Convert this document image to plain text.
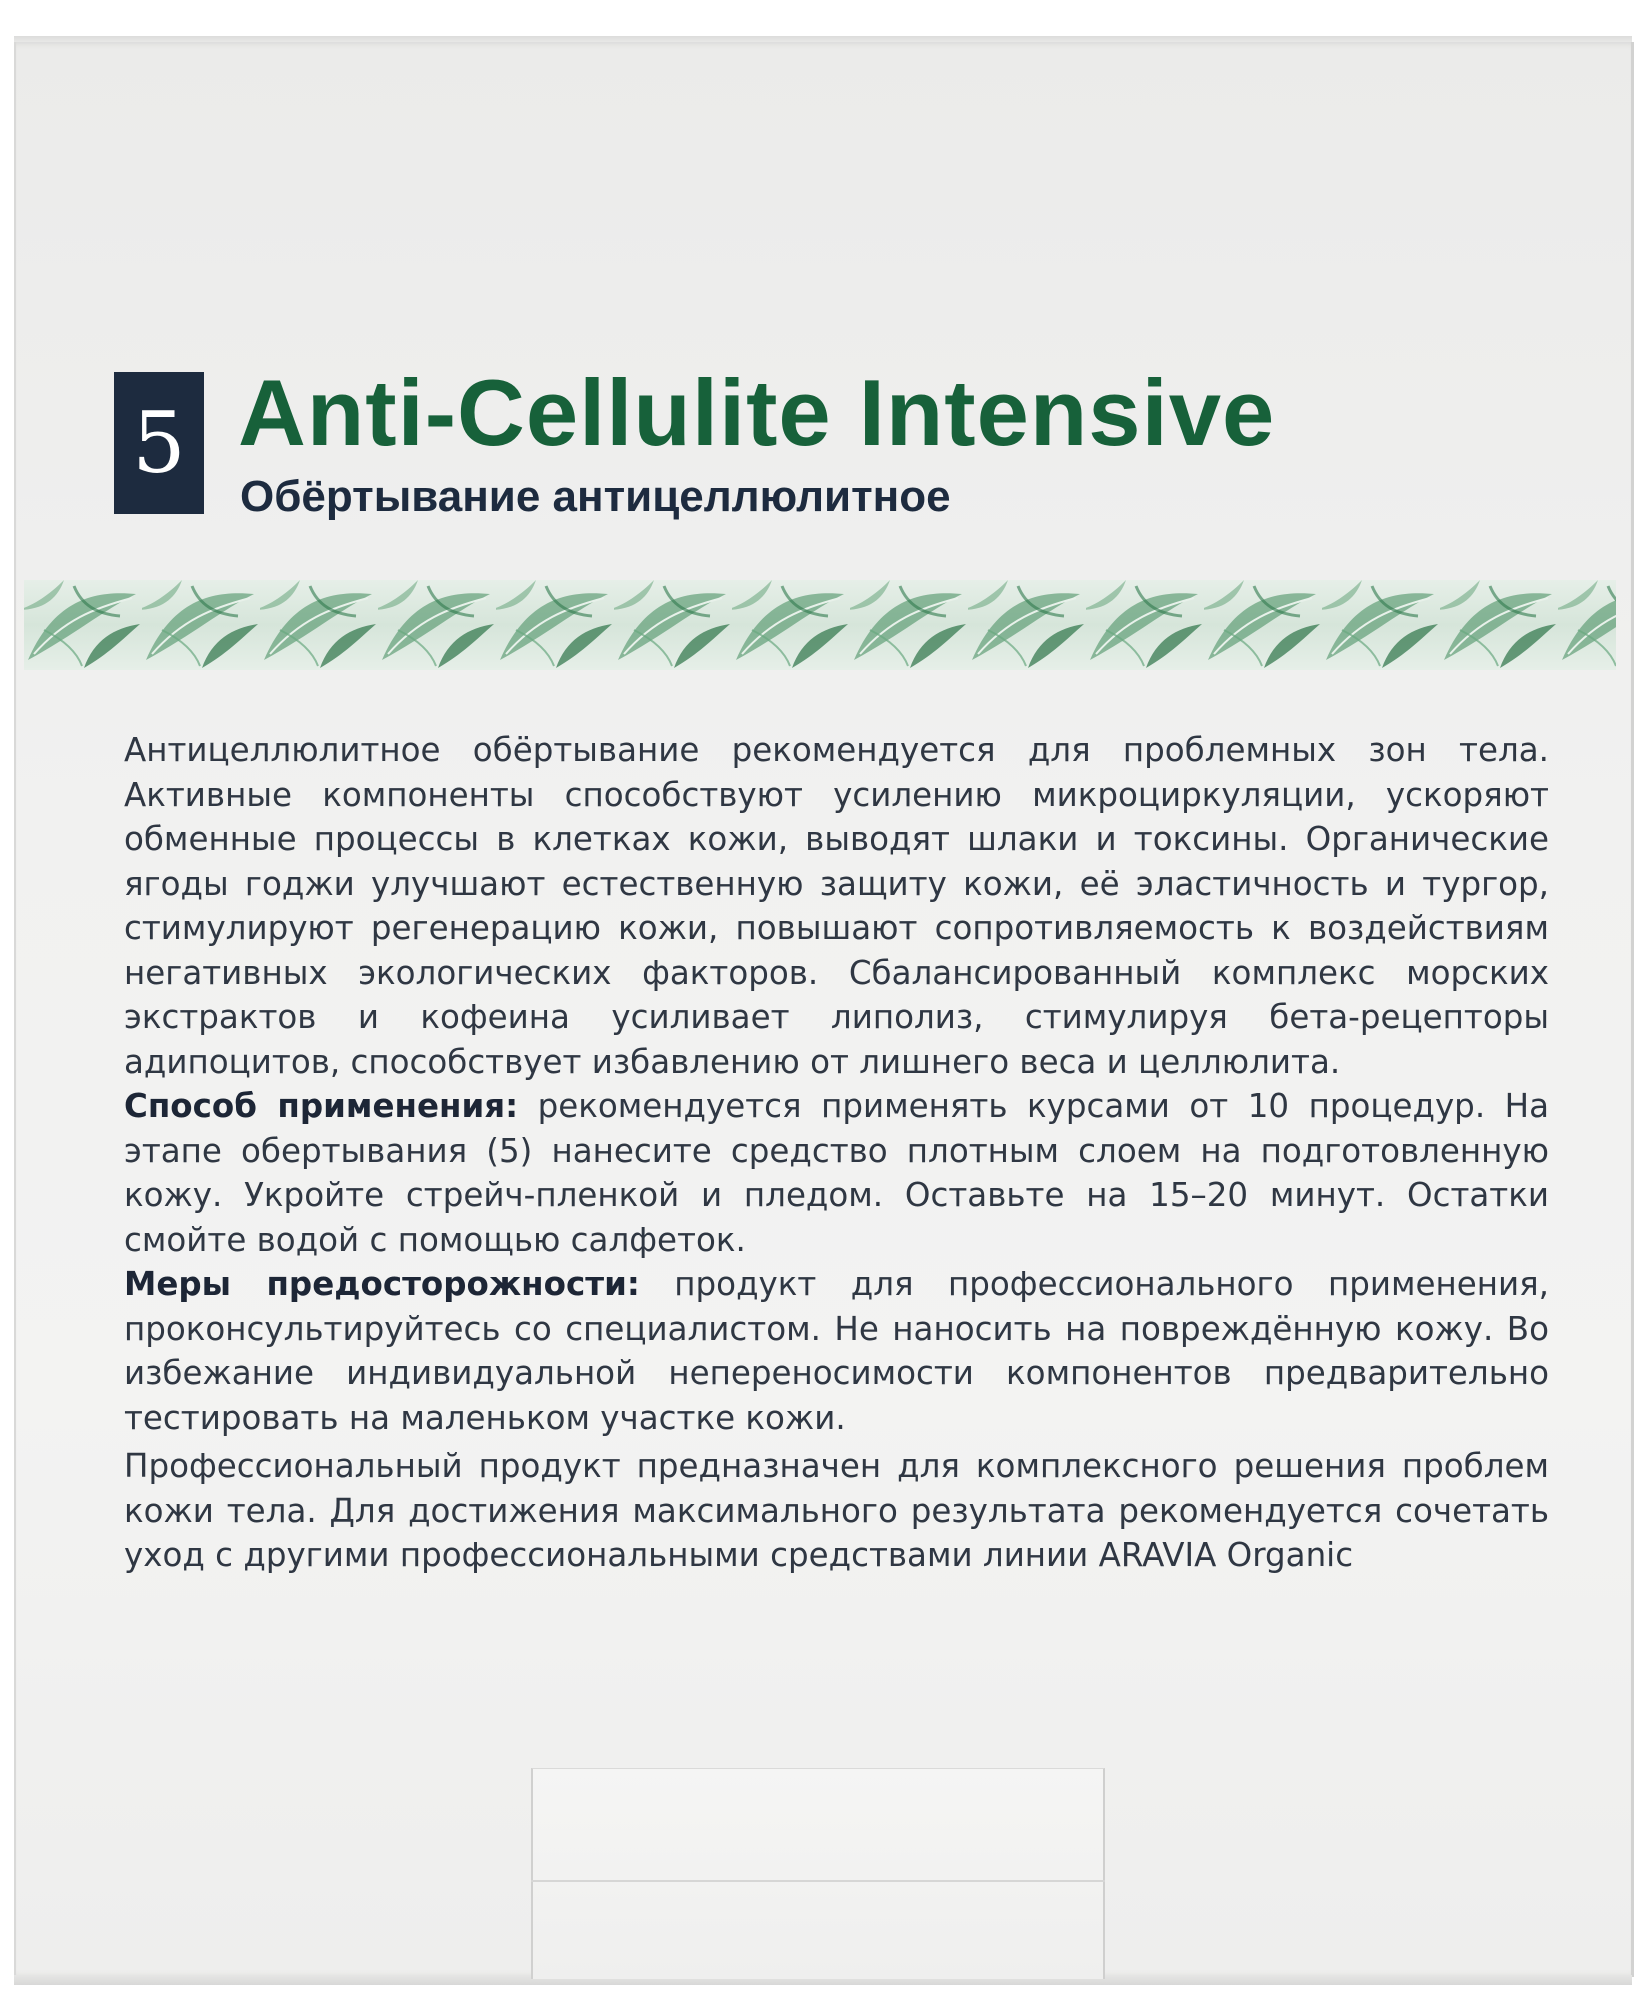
5 Anti-Cellulite Intensive
Обёртывание антицеллюлитное

Антицеллюлитное обёртывание рекомендуется для проблемных зон тела. Активные компоненты способствуют усилению микроциркуляции, ускоряют обменные процессы в клетках кожи, выводят шлаки и токсины. Органические ягоды годжи улучшают естественную защиту кожи, её эластичность и тургор, стимулируют регенерацию кожи, повышают сопротивляемость к воздействиям негативных экологических факторов. Сбалансированный комплекс морских экстрактов и кофеина усиливает липолиз, стимулируя бета-рецепторы адипоцитов, способствует избавлению от лишнего веса и целлюлита.

Способ применения: рекомендуется применять курсами от 10 процедур. На этапе обертывания (5) нанесите средство плотным слоем на подготовленную кожу. Укройте стрейч-пленкой и пледом. Оставьте на 15–20 минут. Остатки смойте водой с помощью салфеток.

Меры предосторожности: продукт для профессионального применения, проконсультируйтесь со специалистом. Не наносить на повреждённую кожу. Во избежание индивидуальной непереносимости компонентов предварительно тестировать на маленьком участке кожи.

Профессиональный продукт предназначен для комплексного решения проблем кожи тела. Для достижения максимального результата рекомендуется сочетать уход с другими профессиональными средствами линии ARAVIA Organic
